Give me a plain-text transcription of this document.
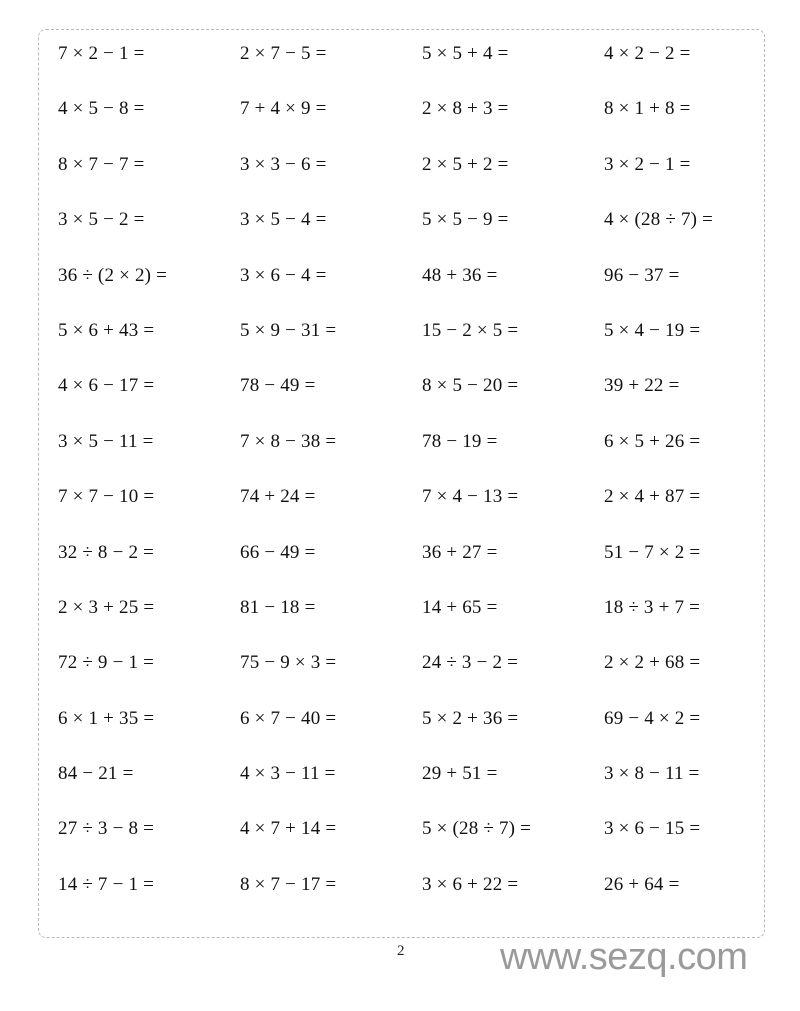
7 × 2 − 1 =	2 × 7 − 5 =	5 × 5 + 4 =	4 × 2 − 2 =
4 × 5 − 8 =	7 + 4 × 9 =	2 × 8 + 3 =	8 × 1 + 8 =
8 × 7 − 7 =	3 × 3 − 6 =	2 × 5 + 2 =	3 × 2 − 1 =
3 × 5 − 2 =	3 × 5 − 4 =	5 × 5 − 9 =	4 × (28 ÷ 7) =
36 ÷ (2 × 2) =	3 × 6 − 4 =	48 + 36 =	96 − 37 =
5 × 6 + 43 =	5 × 9 − 31 =	15 − 2 × 5 =	5 × 4 − 19 =
4 × 6 − 17 =	78 − 49 =	8 × 5 − 20 =	39 + 22 =
3 × 5 − 11 =	7 × 8 − 38 =	78 − 19 =	6 × 5 + 26 =
7 × 7 − 10 =	74 + 24 =	7 × 4 − 13 =	2 × 4 + 87 =
32 ÷ 8 − 2 =	66 − 49 =	36 + 27 =	51 − 7 × 2 =
2 × 3 + 25 =	81 − 18 =	14 + 65 =	18 ÷ 3 + 7 =
72 ÷ 9 − 1 =	75 − 9 × 3 =	24 ÷ 3 − 2 =	2 × 2 + 68 =
6 × 1 + 35 =	6 × 7 − 40 =	5 × 2 + 36 =	69 − 4 × 2 =
84 − 21 =	4 × 3 − 11 =	29 + 51 =	3 × 8 − 11 =
27 ÷ 3 − 8 =	4 × 7 + 14 =	5 × (28 ÷ 7) =	3 × 6 − 15 =
14 ÷ 7 − 1 =	8 × 7 − 17 =	3 × 6 + 22 =	26 + 64 =
2	www.sezq.com
